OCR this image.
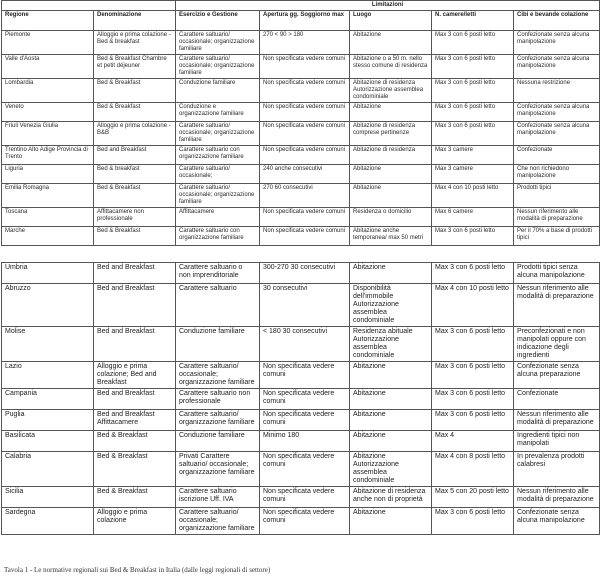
		Limitazioni				
Regione	Denominazione	Esercizio e Gestione	Apertura gg. Soggiorno max	Luogo	N. camere/letti	Cibi e bevande colazione
Piemonte	Alloggio e prima colazione - Bed & breakfast	Carattere saltuario/ occasionale; organizzazione familiare	270 < 90 > 180	Abitazione	Max 3 con 6 posti letto	Confezionate senza alcuna manipolazione
Valle d'Aosta	Bed & Breakfast Chambre et petit déjeuner	Carattere saltuario/ occasionale; organizzazione familiare	Non specificata vedere comuni	Abitazione o a 50 m. nello stesso comune di residenza	Max 3 con 6 posti letto	Confezionate senza alcuna manipolazione
Lombardia	Bed & Breakfast	Conduzione familiare	Non specificata vedere comuni	Abitazione di residenza Autorizzazione assemblea condominiale	Max 3 con 6 posti letto	Nessuna restrizione
Veneto	Bed & Breakfast	Conduzione e organizzazione familiare	Non specificata vedere comuni	Abitazione	Max 3 con 6 posti letto	Confezionate senza alcuna manipolazione
Friuli Venezia Giulia	Alloggio e prima colazione - B&B	Carattere saltuario/ occasionale; organizzazione familiare	Non specificata vedere comuni	Abitazione di residenza comprese pertinenze	Max 3 con 6 posti letto	Confezionate senza alcuna manipolazione
Trentino Alto Adige Provincia di Trento	Bed and Breakfast	Carattere saltuario con organizzazione familiare	Non specificata vedere comuni	Abitazione di residenza	Max 3 camere	Confezionate
Liguria	Bed & breakfast	Carattere saltuario/ occasionale;	240 anche consecutivi	Abitazione	Max 3 camere	Che non richiedono manipolazione
Emilia Romagna	Bed & Breakfast	Carattere saltuario/ occasionale; organizzazione familiare	270 60 consecutivi	Abitazione	Max 4 con 10 posti letto	Prodotti tipici
Toscana	Affittacamere non professionale	Affittacamere	Non specificata vedere comuni	Residenza o domicilio	Max 6 camere	Nessun riferimento alle modalità di preparazione
Marche	Bed & Breakfast	Carattere saltuario con organizzazione familiare	Non specificata vedere comuni	Abitazione anche temporanea/ max 50 metri	Max 3 con 6 posti letto	Per il 70% a base di prodotti tipici
Umbria	Bed and Breakfast	Carattere saltuario o non imprenditoriale	300-270 30 consecutivi	Abitazione	Max 3 con 6 posti letto	Prodotti tipici senza alcuna manipolazione
Abruzzo	Bed and Breakfast	Carattere saltuario	30 consecutivi	Disponibilità dell'immobile Autorizzazione assemblea condominiale	Max 4 con 10 posti letto	Nessun riferimento alle modalità di preparazione
Molise	Bed and Breakfast	Conduzione familiare	< 180 30 consecutivi	Residenza abituale Autorizzazione assemblea condominiale	Max 3 con 6 posti letto	Preconfezionati e non manipolati oppure con indicazione degli ingredienti
Lazio	Alloggio e prima colazione; Bed and Breakfast	Carattere saltuario/ occasionale; organizzazione familiare	Non specificata vedere comuni	Abitazione	Max 3 con 6 posti letto	Confezionate senza alcuna preparazione
Campania	Bed and Breakfast	Carattere saltuario non professionale	Non specificata vedere comuni	Abitazione	Max 3 con 6 posti letto	Confezionate
Puglia	Bed and Breakfast Affittacamere	Carattere saltuario/ organizzazione familiare	Non specificata vedere comuni	Abitazione	Max 3 con 6 posti letto	Nessun riferimento alle modalità di preparazione
Basilicata	Bed & Breakfast	Conduzione familiare	Minimo 180	Abitazione	Max 4	Ingredienti tipici non manipolati
Calabria	Bed & Breakfast	Privati Carattere saltuario/ occasionale; organizzazione familiare	Non specificata vedere comuni	Abitazione Autorizzazione assemblea condominiale	Max 4 con 8 posti letto	In prevalenza prodotti calabresi
Sicilia	Bed & Breakfast	Carattere saltuario iscrizione Uff. IVA	Non specificata vedere comuni	Abitazione di residenza anche non di proprietà	Max 5 con 20 posti letto	Nessun riferimento alle modalità di preparazione
Sardegna	Alloggio e prima colazione	Carattere saltuario/ occasionale; organizzazione familiare	Non specificata vedere comuni	Abitazione	Max 3 con 6 posti letto	Confezionate senza alcuna manipolazione
Tavola 1 - Le normative regionali sui Bed & Breakfast in Italia (dalle leggi regionali di settore)
